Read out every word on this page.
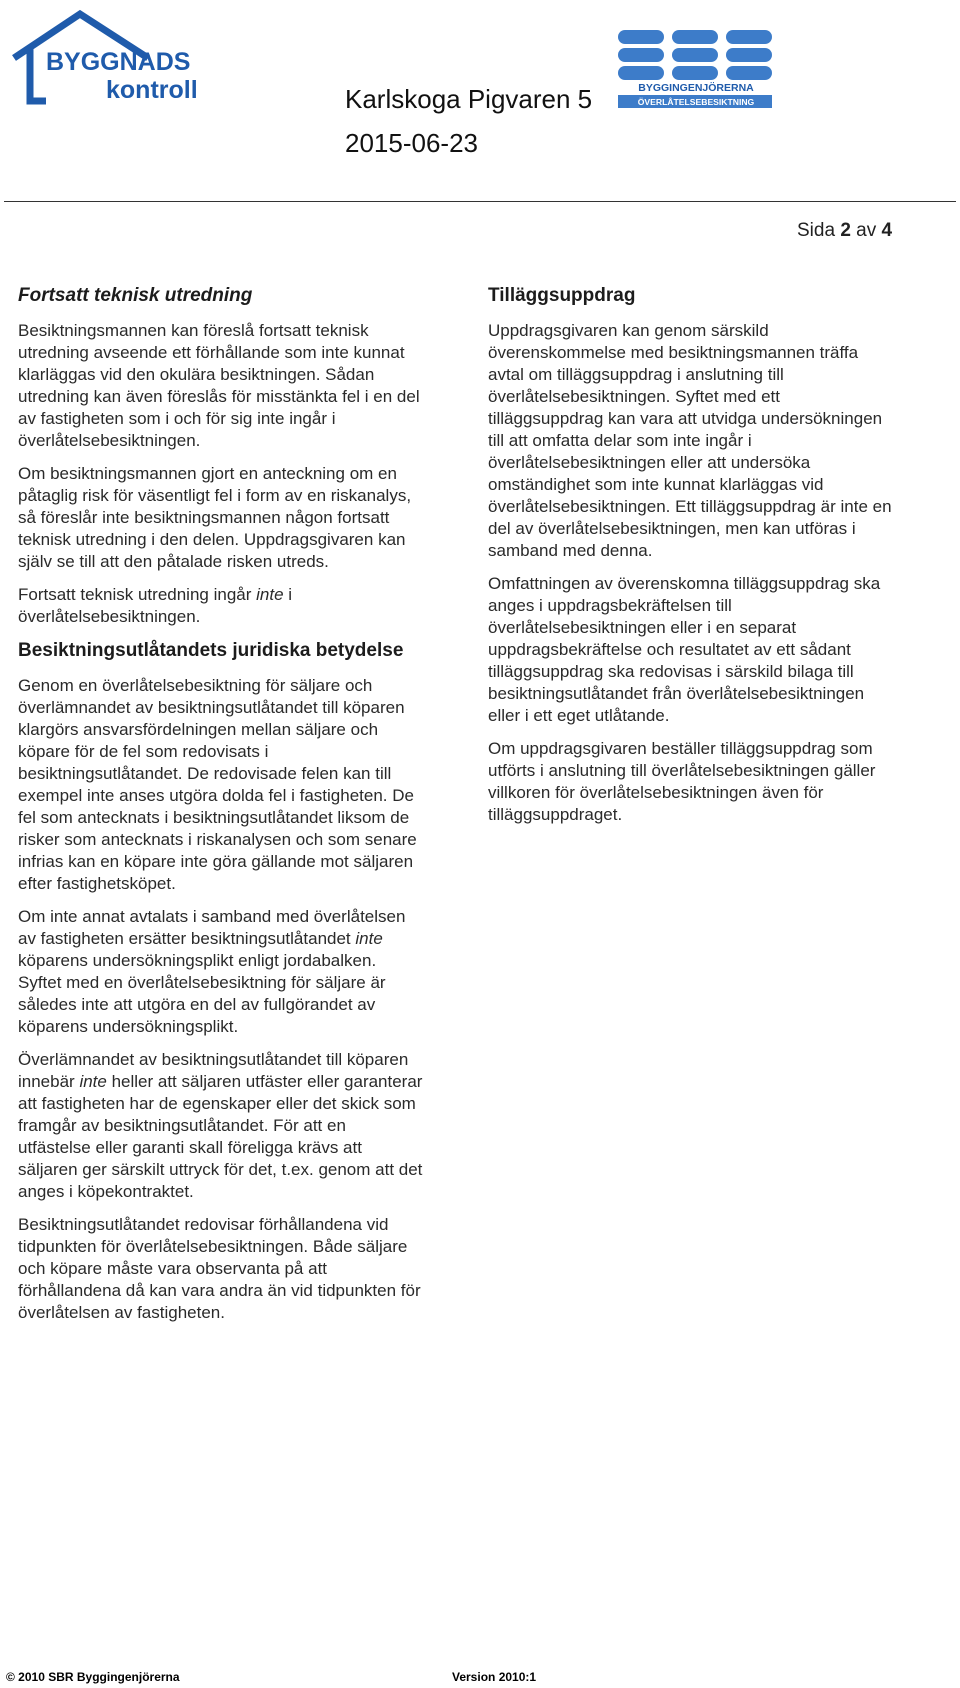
BYGGNADS
kontroll	Karlskoga Pigvaren 5
2015-06-23
BYGGINGENJÖRERNA
ÖVERLÅTELSEBESIKTNING
Sida 2 av 4
Fortsatt teknisk utredning

Besiktningsmannen kan föreslå fortsatt teknisk utredning avseende ett förhållande som inte kunnat klarläggas vid den okulära besiktningen. Sådan utredning kan även föreslås för misstänkta fel i en del av fastigheten som i och för sig inte ingår i överlåtelsebesiktningen.

Om besiktningsmannen gjort en anteckning om en påtaglig risk för väsentligt fel i form av en riskanalys, så föreslår inte besiktningsmannen någon fortsatt teknisk utredning i den delen. Uppdragsgivaren kan själv se till att den påtalade risken utreds.

Fortsatt teknisk utredning ingår inte i överlåtelsebesiktningen.

Besiktningsutlåtandets juridiska betydelse

Genom en överlåtelsebesiktning för säljare och överlämnandet av besiktningsutlåtandet till köparen klargörs ansvarsfördelningen mellan säljare och köpare för de fel som redovisats i besiktningsutlåtandet. De redovisade felen kan till exempel inte anses utgöra dolda fel i fastigheten. De fel som antecknats i besiktningsutlåtandet liksom de risker som antecknats i riskanalysen och som senare infrias kan en köpare inte göra gällande mot säljaren efter fastighetsköpet.

Om inte annat avtalats i samband med överlåtelsen av fastigheten ersätter besiktningsutlåtandet inte köparens undersökningsplikt enligt jordabalken. Syftet med en överlåtelsebesiktning för säljare är således inte att utgöra en del av fullgörandet av köparens undersökningsplikt.

Överlämnandet av besiktningsutlåtandet till köparen innebär inte heller att säljaren utfäster eller garanterar att fastigheten har de egenskaper eller det skick som framgår av besiktningsutlåtandet. För att en utfästelse eller garanti skall föreligga krävs att säljaren ger särskilt uttryck för det, t.ex. genom att det anges i köpekontraktet.

Besiktningsutlåtandet redovisar förhållandena vid tidpunkten för överlåtelsebesiktningen. Både säljare och köpare måste vara observanta på att förhållandena då kan vara andra än vid tidpunkten för överlåtelsen av fastigheten.

Tilläggsuppdrag

Uppdragsgivaren kan genom särskild överenskommelse med besiktningsmannen träffa avtal om tilläggsuppdrag i anslutning till överlåtelsebesiktningen. Syftet med ett tilläggsuppdrag kan vara att utvidga undersökningen till att omfatta delar som inte ingår i överlåtelsebesiktningen eller att undersöka omständighet som inte kunnat klarläggas vid överlåtelsebesiktningen. Ett tilläggsuppdrag är inte en del av överlåtelsebesiktningen, men kan utföras i samband med denna.

Omfattningen av överenskomna tilläggsuppdrag ska anges i uppdragsbekräftelsen till överlåtelsebesiktningen eller i en separat uppdragsbekräftelse och resultatet av ett sådant tilläggsuppdrag ska redovisas i särskild bilaga till besiktningsutlåtandet från överlåtelsebesiktningen eller i ett eget utlåtande.

Om uppdragsgivaren beställer tilläggsuppdrag som utförts i anslutning till överlåtelsebesiktningen gäller villkoren för överlåtelsebesiktningen även för tilläggsuppdraget.

© 2010 SBR Byggingenjörerna	Version 2010:1
